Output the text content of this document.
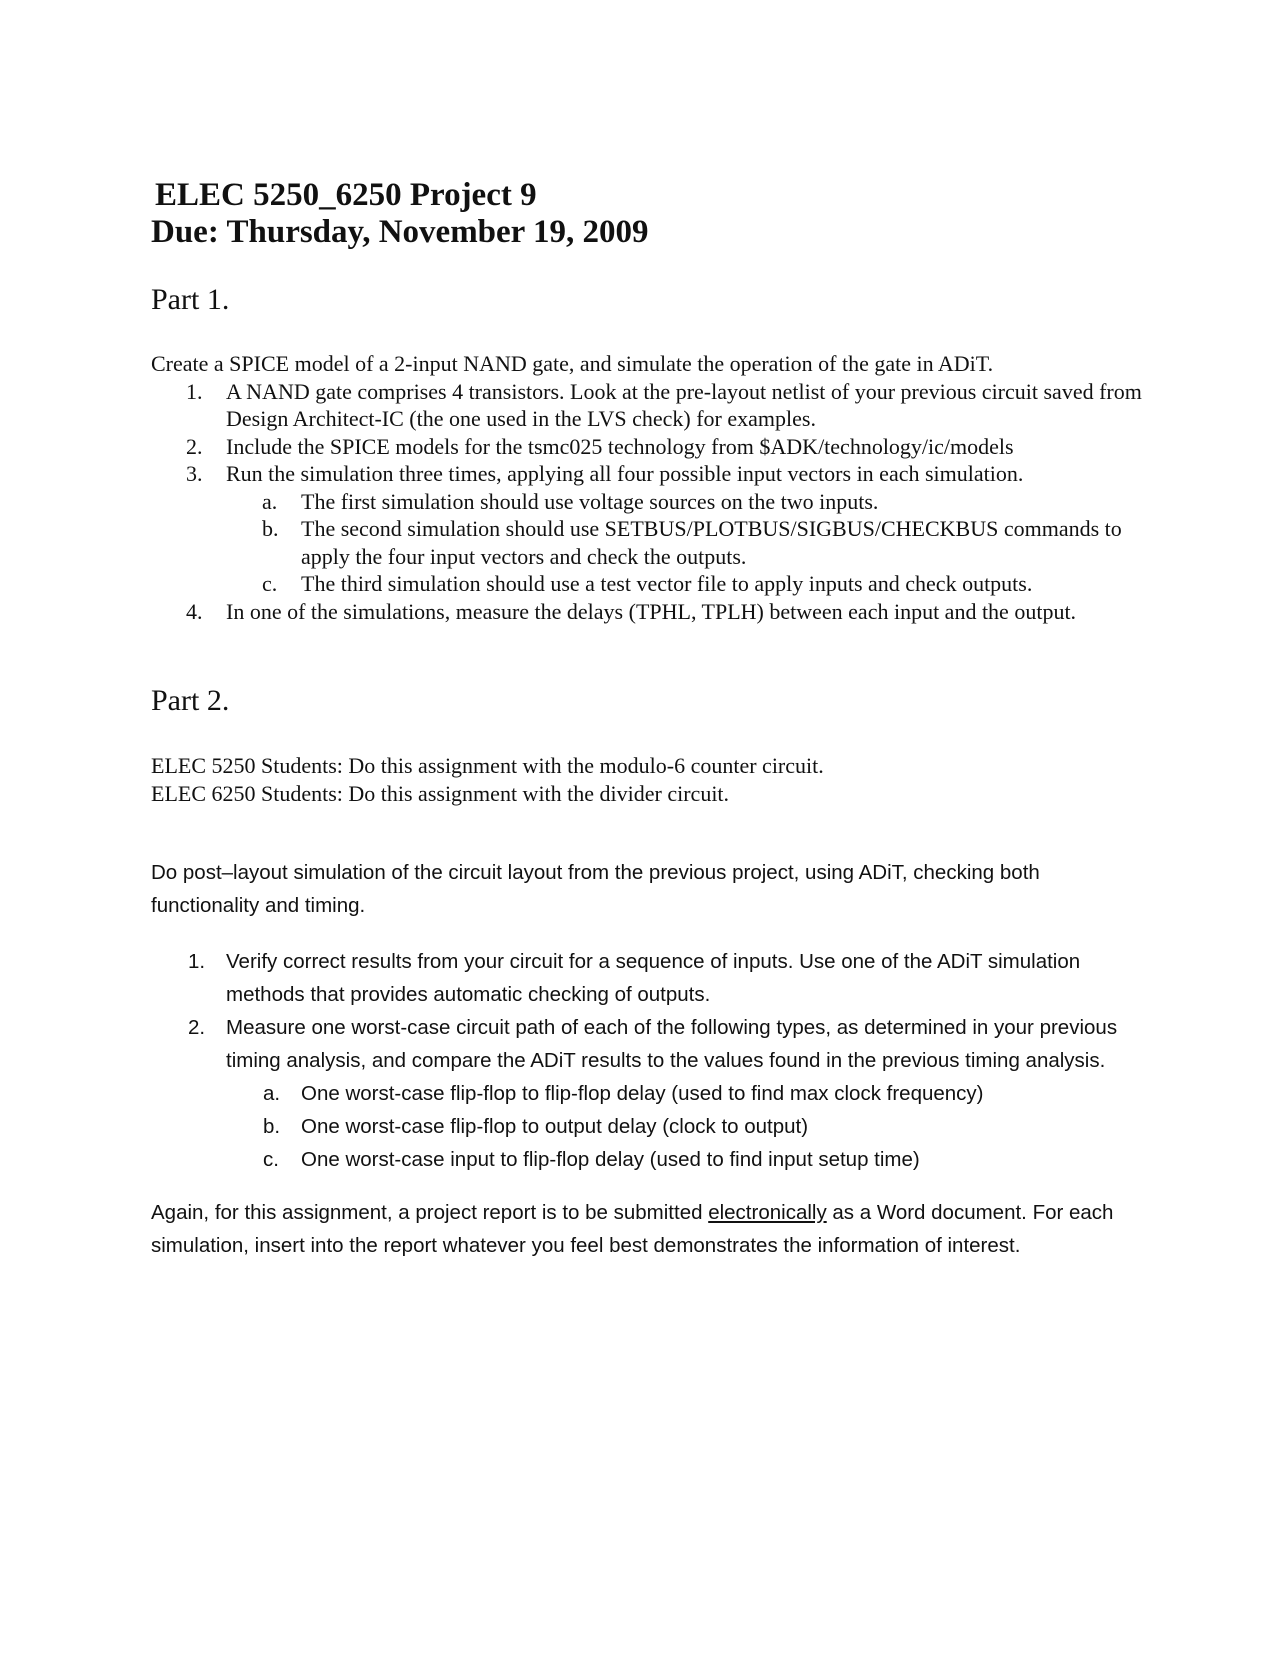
ELEC 5250_6250 Project 9
Due: Thursday, November 19, 2009
Part 1.

Create a SPICE model of a 2-input NAND gate, and simulate the operation of the gate in ADiT.

1. A NAND gate comprises 4 transistors. Look at the pre-layout netlist of your previous circuit saved from Design Architect-IC (the one used in the LVS check) for examples.
2. Include the SPICE models for the tsmc025 technology from $ADK/technology/ic/models
3. Run the simulation three times, applying all four possible input vectors in each simulation.
a. The first simulation should use voltage sources on the two inputs.
b. The second simulation should use SETBUS/PLOTBUS/SIGBUS/CHECKBUS commands to apply the four input vectors and check the outputs.
c. The third simulation should use a test vector file to apply inputs and check outputs.
4. In one of the simulations, measure the delays (TPHL, TPLH) between each input and the output.
Part 2.

ELEC 5250 Students: Do this assignment with the modulo-6 counter circuit.

ELEC 6250 Students: Do this assignment with the divider circuit.

Do post–layout simulation of the circuit layout from the previous project, using ADiT, checking both functionality and timing.

1. Verify correct results from your circuit for a sequence of inputs. Use one of the ADiT simulation methods that provides automatic checking of outputs.
2. Measure one worst-case circuit path of each of the following types, as determined in your previous timing analysis, and compare the ADiT results to the values found in the previous timing analysis.
a. One worst-case flip-flop to flip-flop delay (used to find max clock frequency)
b. One worst-case flip-flop to output delay (clock to output)
c. One worst-case input to flip-flop delay (used to find input setup time)

Again, for this assignment, a project report is to be submitted electronically as a Word document. For each simulation, insert into the report whatever you feel best demonstrates the information of interest.
